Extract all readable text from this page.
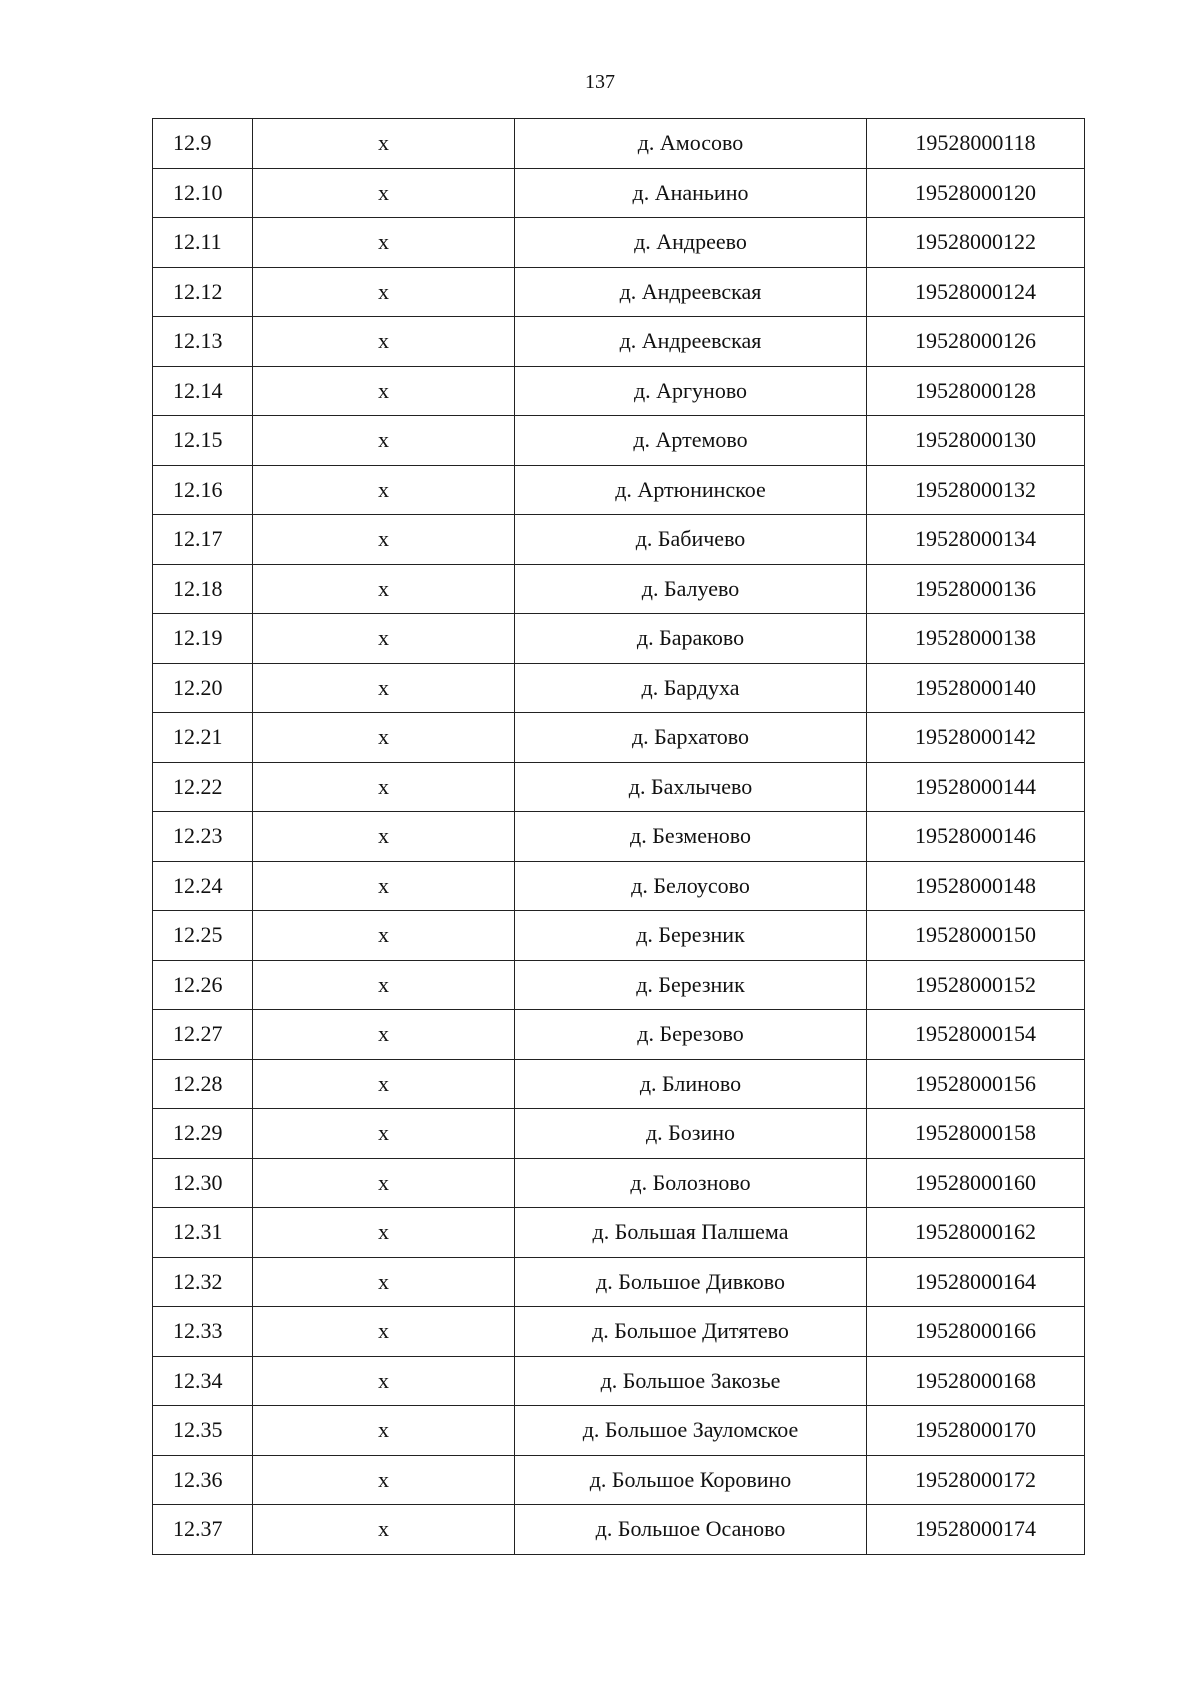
137
12.9	х	д. Амосово	19528000118
12.10	х	д. Ананьино	19528000120
12.11	х	д. Андреево	19528000122
12.12	х	д. Андреевская	19528000124
12.13	х	д. Андреевская	19528000126
12.14	х	д. Аргуново	19528000128
12.15	х	д. Артемово	19528000130
12.16	х	д. Артюнинское	19528000132
12.17	х	д. Бабичево	19528000134
12.18	х	д. Балуево	19528000136
12.19	х	д. Бараково	19528000138
12.20	х	д. Бардуха	19528000140
12.21	х	д. Бархатово	19528000142
12.22	х	д. Бахлычево	19528000144
12.23	х	д. Безменово	19528000146
12.24	х	д. Белоусово	19528000148
12.25	х	д. Березник	19528000150
12.26	х	д. Березник	19528000152
12.27	х	д. Березово	19528000154
12.28	х	д. Блиново	19528000156
12.29	х	д. Бозино	19528000158
12.30	х	д. Болозново	19528000160
12.31	х	д. Большая Палшема	19528000162
12.32	х	д. Большое Дивково	19528000164
12.33	х	д. Большое Дитятево	19528000166
12.34	х	д. Большое Закозье	19528000168
12.35	х	д. Большое Зауломское	19528000170
12.36	х	д. Большое Коровино	19528000172
12.37	х	д. Большое Осаново	19528000174
